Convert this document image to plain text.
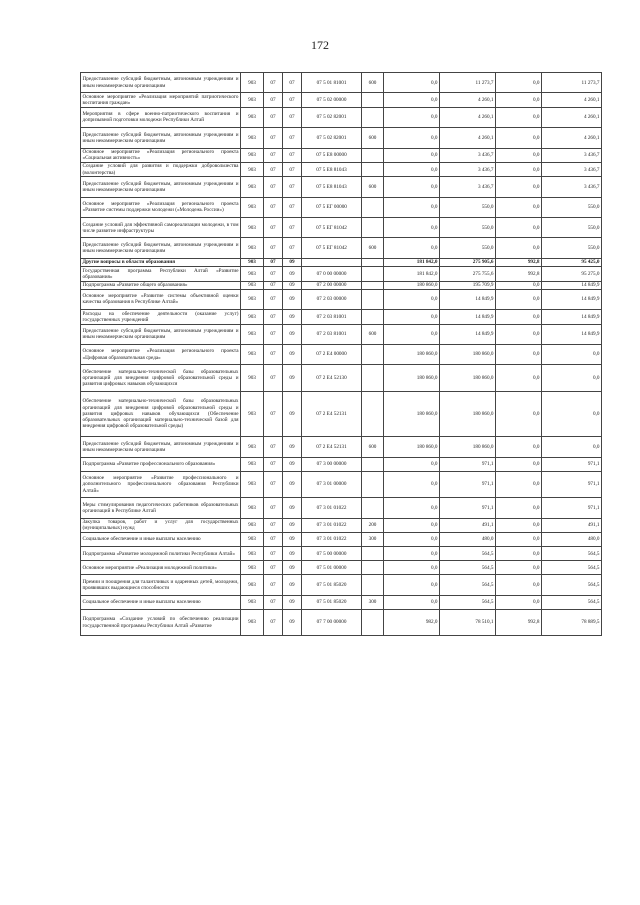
172
Предоставление субсидий бюджетным, автономным учреждениям и иным некоммерческим организациям	903	07	07	07 5 01 81001	600	0,0	11 273,7	0,0	11 273,7
Основное мероприятие «Реализация мероприятий патриотического воспитания граждан»	903	07	07	07 5 02 00000		0,0	4 260,1	0,0	4 260,1
Мероприятия в сфере военно-патриотического воспитания и допризывной подготовки молодежи Республики Алтай	903	07	07	07 5 02 82001		0,0	4 260,1	0,0	4 260,1
Предоставление субсидий бюджетным, автономным учреждениям и иным некоммерческим организациям	903	07	07	07 5 02 82001	600	0,0	4 260,1	0,0	4 260,1
Основное мероприятие «Реализация регионального проекта «Социальная активность»	903	07	07	07 5 E8 00000		0,0	3 436,7	0,0	3 436,7
Создание условий для развития и поддержки добровольчества (волонтерства)	903	07	07	07 5 E8 81043		0,0	3 436,7	0,0	3 436,7
Предоставление субсидий бюджетным, автономным учреждениям и иным некоммерческим организациям	903	07	07	07 5 E8 81043	600	0,0	3 436,7	0,0	3 436,7
Основное мероприятие «Реализация регионального проекта «Развитие системы поддержки молодежи («Молодежь России»)	903	07	07	07 5 EГ 00000		0,0	550,0	0,0	550,0
Создание условий для эффективной самореализации молодежи, в том числе развитие инфраструктуры	903	07	07	07 5 EГ 81042		0,0	550,0	0,0	550,0
Предоставление субсидий бюджетным, автономным учреждениям и иным некоммерческим организациям	903	07	07	07 5 EГ 81042	600	0,0	550,0	0,0	550,0
Другие вопросы в области образования	903	07	09			181 842,0	275 905,6	992,8	95 425,0
Государственная программа Республики Алтай «Развитие образования»	903	07	09	07 0 00 00000		181 842,0	275 755,6	992,8	95 275,0
Подпрограмма «Развитие общего образования»	903	07	09	07 2 00 00000		180 860,0	195 709,9	0,0	14 849,9
Основное мероприятие «Развитие системы объективной оценки качества образования в Республике Алтай»	903	07	09	07 2 03 00000		0,0	14 849,9	0,0	14 849,9
Расходы на обеспечение деятельности (оказание услуг) государственных учреждений	903	07	09	07 2 03 81001		0,0	14 849,9	0,0	14 849,9
Предоставление субсидий бюджетным, автономным учреждениям и иным некоммерческим организациям	903	07	09	07 2 03 81001	600	0,0	14 849,9	0,0	14 849,9
Основное мероприятие «Реализация регионального проекта «Цифровая образовательная среда»	903	07	09	07 2 E4 00000		180 860,0	180 860,0	0,0	0,0
Обеспечение материально-технической базы образовательных организаций для внедрения цифровой образовательной среды и развития цифровых навыков обучающихся	903	07	09	07 2 E4 52130		180 860,0	180 860,0	0,0	0,0
Обеспечение материально-технической базы образовательных организаций для внедрения цифровой образовательной среды и развития цифровых навыков обучающихся (Обеспечение образовательных организаций материально-технической базой для внедрения цифровой образовательной среды)	903	07	09	07 2 E4 52131		180 860,0	180 860,0	0,0	0,0
Предоставление субсидий бюджетным, автономным учреждениям и иным некоммерческим организациям	903	07	09	07 2 E4 52131	600	180 860,0	180 860,0	0,0	0,0
Подпрограмма «Развитие профессионального образования»	903	07	09	07 3 00 00000		0,0	971,1	0,0	971,1
Основное мероприятие «Развитие профессионального и дополнительного профессионального образования Республики Алтай»	903	07	09	07 3 01 00000		0,0	971,1	0,0	971,1
Меры стимулирования педагогических работников образовательных организаций в Республике Алтай	903	07	09	07 3 01 01022		0,0	971,1	0,0	971,1
Закупка товаров, работ и услуг для государственных (муниципальных) нужд	903	07	09	07 3 01 01022	200	0,0	491,1	0,0	491,1
Социальное обеспечение и иные выплаты населению	903	07	09	07 3 01 01022	300	0,0	480,0	0,0	480,0
Подпрограмма «Развитие молодежной политики Республики Алтай»	903	07	09	07 5 00 00000		0,0	564,5	0,0	564,5
Основное мероприятие «Реализация молодежной политики»	903	07	09	07 5 01 00000		0,0	564,5	0,0	564,5
Премии и поощрения для талантливых и одаренных детей, молодежи, проявивших выдающиеся способности	903	07	09	07 5 01 85020		0,0	564,5	0,0	564,5
Социальное обеспечение и иные выплаты населению	903	07	09	07 5 01 85020	300	0,0	564,5	0,0	564,5
Подпрограмма «Создание условий по обеспечению реализации государственной программы Республики Алтай «Развитие	903	07	09	07 7 00 00000		982,0	78 510,1	992,8	78 889,5
